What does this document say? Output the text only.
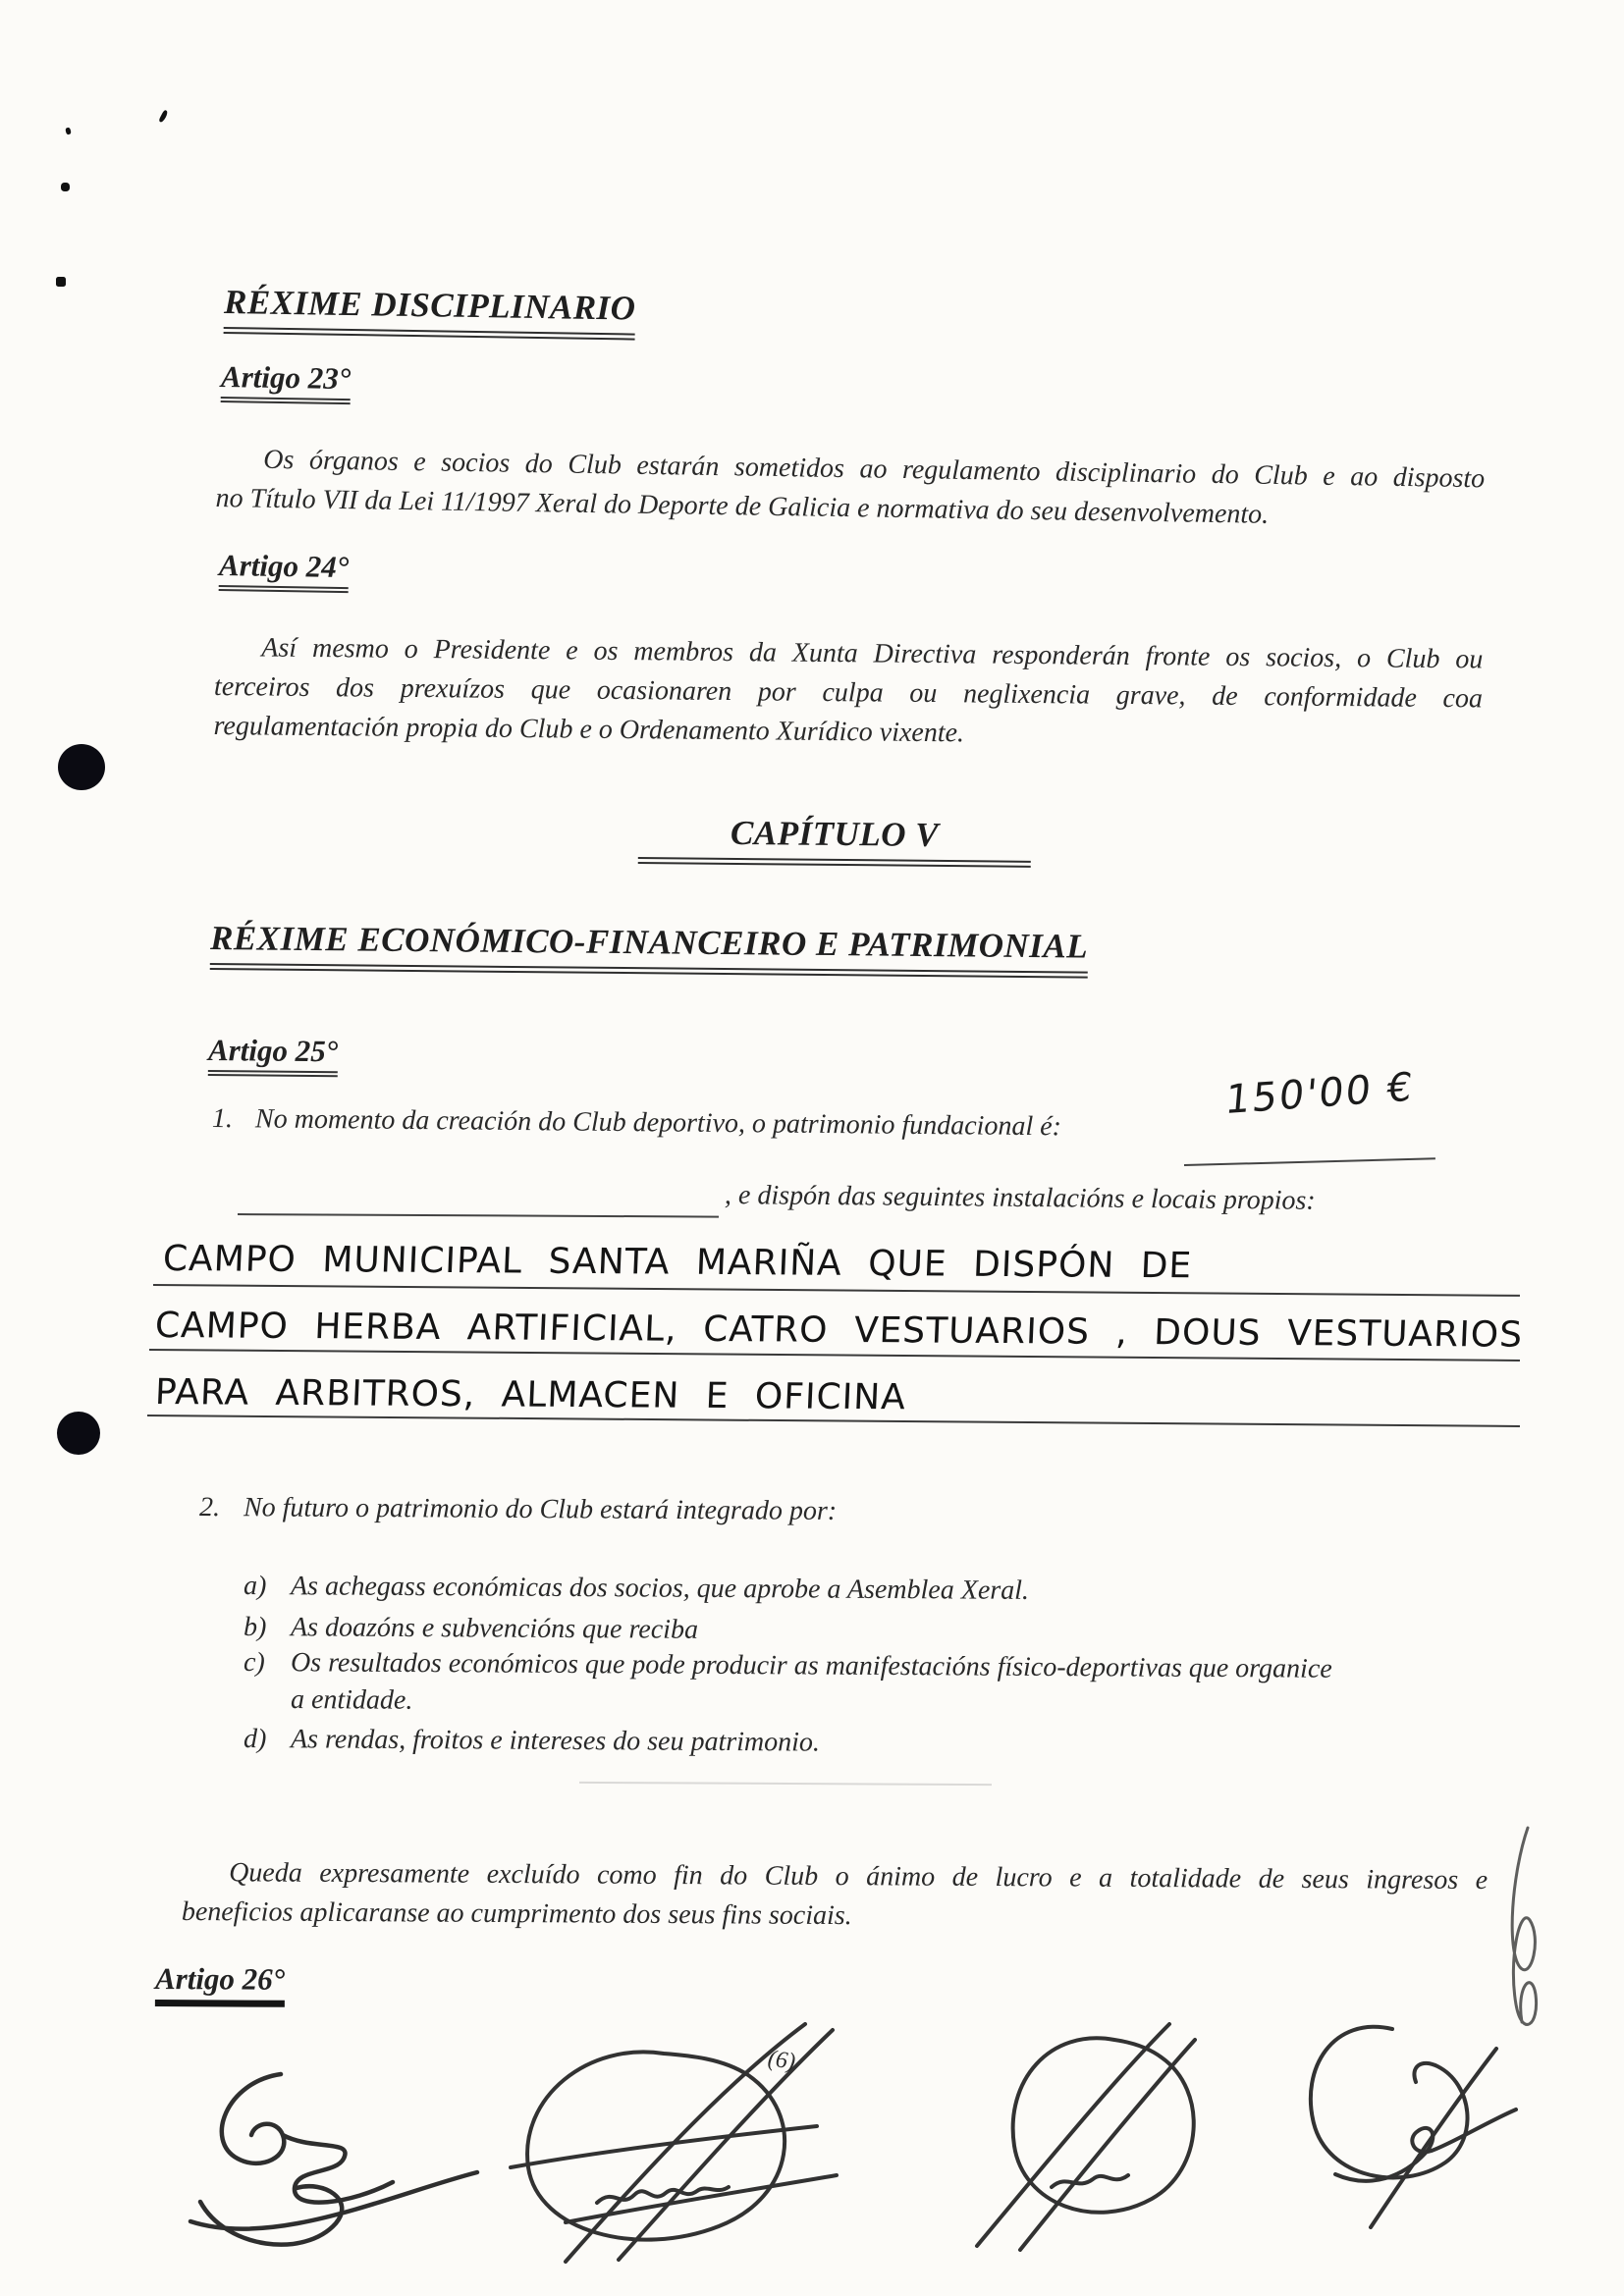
RÉXIME DISCIPLINARIO
Artigo 23°
Os órganos e socios do Club estarán sometidos ao regulamento disciplinario do Club e ao disposto
no Título VII da Lei 11/1997 Xeral do Deporte de Galicia e normativa do seu desenvolvemento.
Artigo 24°
Así mesmo o Presidente e os membros da Xunta Directiva responderán fronte os socios, o Club ou
terceiros dos prexuízos que ocasionaren por culpa ou neglixencia grave, de conformidade coa
regulamentación propia do Club e o Ordenamento Xurídico vixente.
CAPÍTULO V
RÉXIME ECONÓMICO-FINANCEIRO E PATRIMONIAL
Artigo 25°
1. No momento da creación do Club deportivo, o patrimonio fundacional é:	150'00 €
, e dispón das seguintes instalacións e locais propios:
CAMPO MUNICIPAL SANTA MARIÑA QUE DISPÓN DE
CAMPO HERBA ARTIFICIAL, CATRO VESTUARIOS , DOUS VESTUARIOS
PARA ARBITROS, ALMACEN E OFICINA
2. No futuro o patrimonio do Club estará integrado por:
a) As achegass económicas dos socios, que aprobe a Asemblea Xeral.
b) As doazóns e subvencións que reciba
c) Os resultados económicos que pode producir as manifestacións físico-deportivas que organice
a entidade.
d) As rendas, froitos e intereses do seu patrimonio.
Queda expresamente excluído como fin do Club o ánimo de lucro e a totalidade de seus ingresos e
beneficios aplicaranse ao cumprimento dos seus fins sociais.
Artigo 26°
(6)
